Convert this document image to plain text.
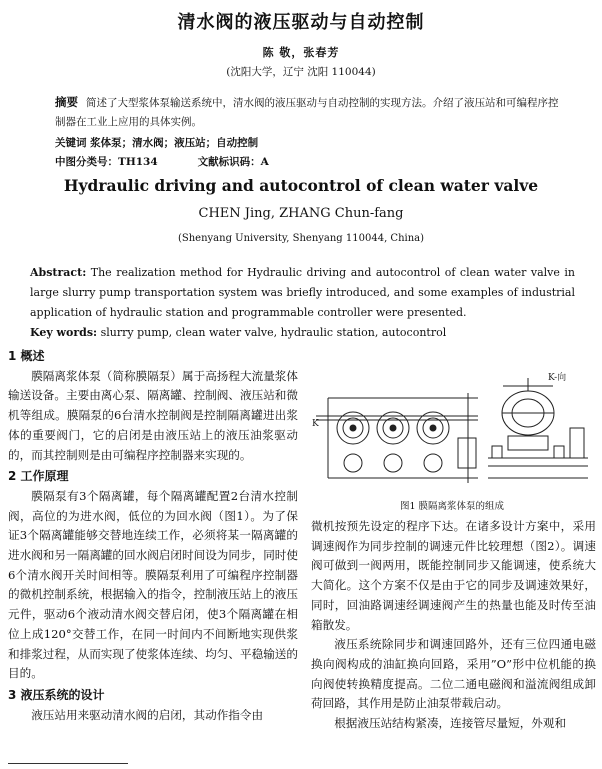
清水阀的液压驱动与自动控制
陈 敬，张春芳
(沈阳大学，辽宁 沈阳 110044)
摘要 简述了大型浆体泵输送系统中，清水阀的液压驱动与自动控制的实现方法。介绍了液压站和可编程序控制器在工业上应用的具体实例。
关键词 浆体泵；清水阀；液压站；自动控制
中图分类号：TH134	文献标识码：A
Hydraulic driving and autocontrol of clean water valve
CHEN Jing, ZHANG Chun-fang
(Shenyang University, Shenyang 110044, China)
Abstract: The realization method for Hydraulic driving and autocontrol of clean water valve in large slurry pump transportation system was briefly introduced, and some examples of industrial application of hydraulic station and programmable controller were presented.
Key words: slurry pump, clean water valve, hydraulic station, autocontrol
1 概述

膜隔离浆体泵（简称膜隔泵）属于高扬程大流量浆体输送设备。主要由离心泵、隔离罐、控制阀、液压站和微机等组成。膜隔泵的6台清水控制阀是控制隔离罐进出浆体的重要阀门，它的启闭是由液压站上的液压油浆驱动的，而其控制则是由可编程序控制器来实现的。

2 工作原理

膜隔泵有3个隔离罐，每个隔离罐配置2台清水控制阀，高位的为进水阀，低位的为回水阀（图1）。为了保证3个隔离罐能够交替地连续工作，必须将某一隔离罐的进水阀和另一隔离罐的回水阀启闭时间设为同步，同时使6个清水阀开关时间相等。膜隔泵利用了可编程序控制器的微机控制系统，根据输入的指令，控制液压站上的液压元件，驱动6个液动清水阀交替启闭，使3个隔离罐在相位上成120°交替工作，在同一时间内不间断地实现供浆和排浆过程，从而实现了使浆体连续、均匀、平稳输送的目的。

3 液压系统的设计

液压站用来驱动清水阀的启闭，其动作指令由

K
K-向
图1 膜隔离浆体泵的组成

微机按预先设定的程序下达。在诸多设计方案中，采用调速阀作为同步控制的调速元件比较理想（图2）。调速阀可做到一阀两用，既能控制同步又能调速，使系统大大简化。这个方案不仅是由于它的同步及调速效果好，同时，回油路调速经调速阀产生的热量也能及时传至油箱散发。

液压系统除同步和调速回路外，还有三位四通电磁换向阀构成的油缸换向回路，采用”O”形中位机能的换向阀使转换精度提高。二位二通电磁阀和溢流阀组成卸荷回路，其作用是防止油泵带载启动。

根据液压站结构紧凑，连接管尽量短，外观和
